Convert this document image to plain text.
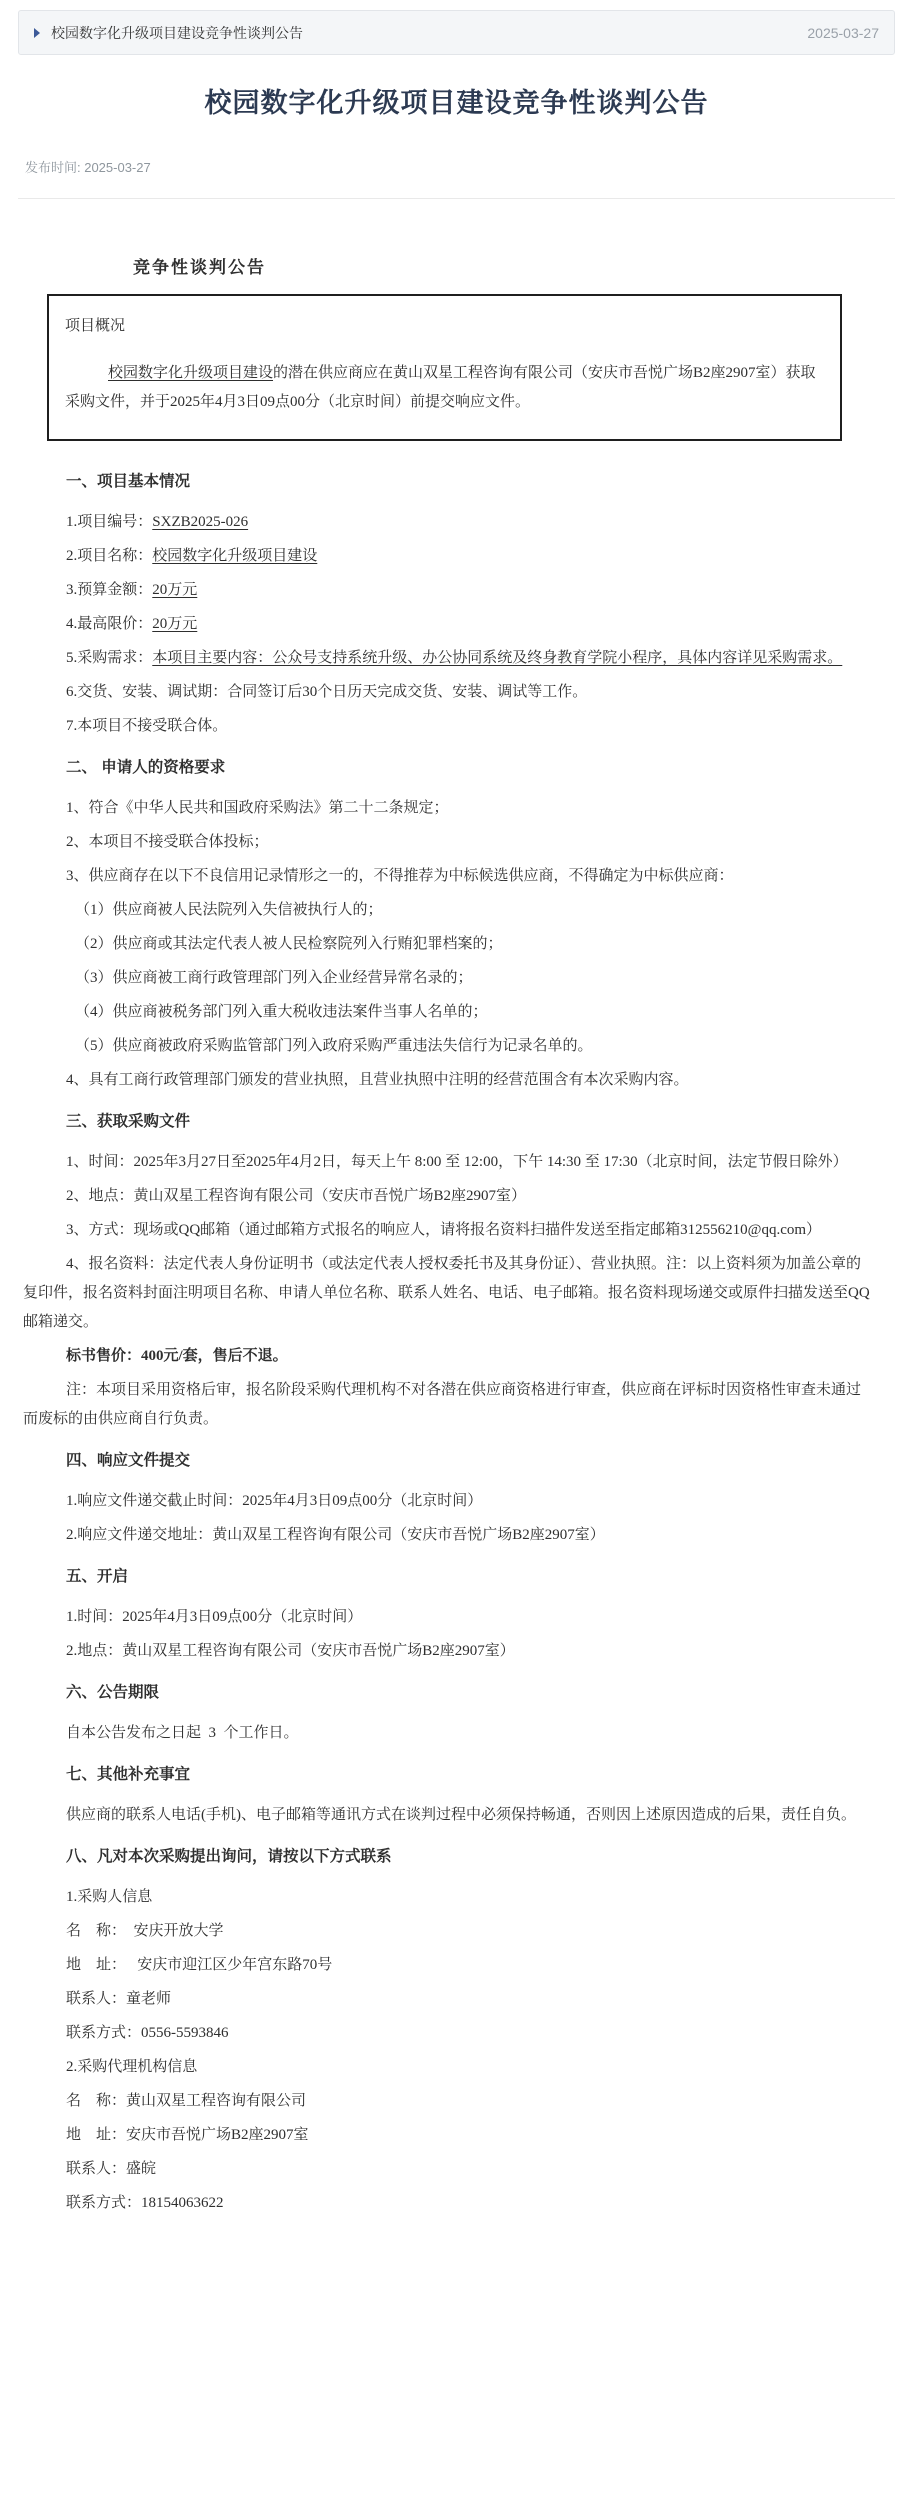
校园数字化升级项目建设竞争性谈判公告	2025-03-27
校园数字化升级项目建设竞争性谈判公告
发布时间: 2025-03-27
竞争性谈判公告

项目概况

校园数字化升级项目建设的潜在供应商应在黄山双星工程咨询有限公司（安庆市吾悦广场B2座2907室）获取采购文件，并于2025年4月3日09点00分（北京时间）前提交响应文件。

一、项目基本情况

1.项目编号：SXZB2025-026

2.项目名称：校园数字化升级项目建设

3.预算金额：20万元

4.最高限价：20万元

5.采购需求：本项目主要内容：公众号支持系统升级、办公协同系统及终身教育学院小程序，具体内容详见采购需求。

6.交货、安装、调试期：合同签订后30个日历天完成交货、安装、调试等工作。

7.本项目不接受联合体。

二、 申请人的资格要求

1、符合《中华人民共和国政府采购法》第二十二条规定；

2、本项目不接受联合体投标；

3、供应商存在以下不良信用记录情形之一的，不得推荐为中标候选供应商，不得确定为中标供应商：

（1）供应商被人民法院列入失信被执行人的；

（2）供应商或其法定代表人被人民检察院列入行贿犯罪档案的；

（3）供应商被工商行政管理部门列入企业经营异常名录的；

（4）供应商被税务部门列入重大税收违法案件当事人名单的；

（5）供应商被政府采购监管部门列入政府采购严重违法失信行为记录名单的。

4、具有工商行政管理部门颁发的营业执照，且营业执照中注明的经营范围含有本次采购内容。

三、获取采购文件

1、时间：2025年3月27日至2025年4月2日，每天上午 8:00 至 12:00，下午 14:30 至 17:30（北京时间，法定节假日除外）

2、地点：黄山双星工程咨询有限公司（安庆市吾悦广场B2座2907室）

3、方式：现场或QQ邮箱（通过邮箱方式报名的响应人，请将报名资料扫描件发送至指定邮箱312556210@qq.com）

4、报名资料：法定代表人身份证明书（或法定代表人授权委托书及其身份证）、营业执照。注：以上资料须为加盖公章的复印件，报名资料封面注明项目名称、申请人单位名称、联系人姓名、电话、电子邮箱。报名资料现场递交或原件扫描发送至QQ邮箱递交。

标书售价：400元/套，售后不退。

注：本项目采用资格后审，报名阶段采购代理机构不对各潜在供应商资格进行审查，供应商在评标时因资格性审查未通过而废标的由供应商自行负责。

四、响应文件提交

1.响应文件递交截止时间：2025年4月3日09点00分（北京时间）

2.响应文件递交地址：黄山双星工程咨询有限公司（安庆市吾悦广场B2座2907室）

五、开启

1.时间：2025年4月3日09点00分（北京时间）

2.地点：黄山双星工程咨询有限公司（安庆市吾悦广场B2座2907室）

六、公告期限

自本公告发布之日起  3  个工作日。

七、其他补充事宜

供应商的联系人电话(手机)、电子邮箱等通讯方式在谈判过程中必须保持畅通，否则因上述原因造成的后果，责任自负。

八、凡对本次采购提出询问，请按以下方式联系

1.采购人信息

名    称：  安庆开放大学

地    址：   安庆市迎江区少年宫东路70号

联系人：童老师

联系方式：0556-5593846

2.采购代理机构信息

名    称：黄山双星工程咨询有限公司

地    址：安庆市吾悦广场B2座2907室

联系人：盛皖

联系方式：18154063622
